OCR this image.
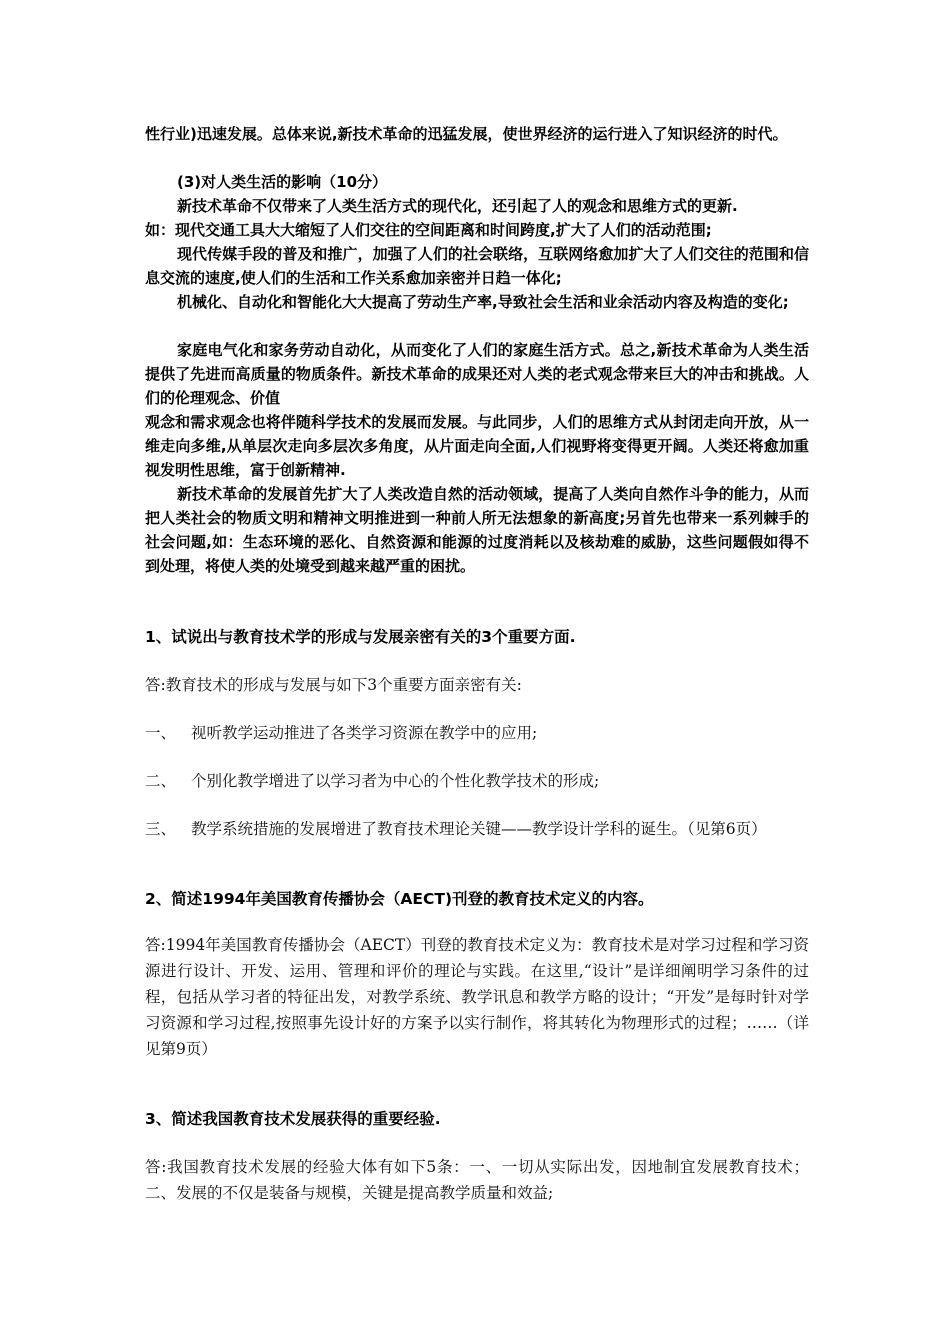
性行业)迅速发展。总体来说,新技术革命的迅猛发展，使世界经济的运行进入了知识经济的时代。

(3)对人类生活的影响（10分）

新技术革命不仅带来了人类生活方式的现代化，还引起了人的观念和思维方式的更新.

如：现代交通工具大大缩短了人们交往的空间距离和时间跨度,扩大了人们的活动范围;

现代传媒手段的普及和推广，加强了人们的社会联络，互联网络愈加扩大了人们交往的范围和信息交流的速度,使人们的生活和工作关系愈加亲密并日趋一体化;

机械化、自动化和智能化大大提高了劳动生产率,导致社会生活和业余活动内容及构造的变化;

家庭电气化和家务劳动自动化，从而变化了人们的家庭生活方式。总之,新技术革命为人类生活提供了先进而高质量的物质条件。新技术革命的成果还对人类的老式观念带来巨大的冲击和挑战。人们的伦理观念、价值

观念和需求观念也将伴随科学技术的发展而发展。与此同步，人们的思维方式从封闭走向开放，从一维走向多维,从单层次走向多层次多角度，从片面走向全面,人们视野将变得更开阔。人类还将愈加重视发明性思维，富于创新精神.

新技术革命的发展首先扩大了人类改造自然的活动领域，提高了人类向自然作斗争的能力，从而把人类社会的物质文明和精神文明推进到一种前人所无法想象的新高度;另首先也带来一系列棘手的社会问题,如：生态环境的恶化、自然资源和能源的过度消耗以及核劫难的威胁，这些问题假如得不到处理，将使人类的处境受到越来越严重的困扰。

1、试说出与教育技术学的形成与发展亲密有关的3个重要方面.

答:教育技术的形成与发展与如下3个重要方面亲密有关:

一、 视听教学运动推进了各类学习资源在教学中的应用;

二、 个别化教学增进了以学习者为中心的个性化教学技术的形成;

三、 教学系统措施的发展增进了教育技术理论关键——教学设计学科的诞生。（见第6页）

2、简述1994年美国教育传播协会（AECT)刊登的教育技术定义的内容。

答:1994年美国教育传播协会（AECT）刊登的教育技术定义为：教育技术是对学习过程和学习资源进行设计、开发、运用、管理和评价的理论与实践。在这里,“设计”是详细阐明学习条件的过程，包括从学习者的特征出发，对教学系统、教学讯息和教学方略的设计；“开发”是每时针对学习资源和学习过程,按照事先设计好的方案予以实行制作，将其转化为物理形式的过程；……（详见第9页）

3、简述我国教育技术发展获得的重要经验.

答:我国教育技术发展的经验大体有如下5条：一、一切从实际出发，因地制宜发展教育技术；二、发展的不仅是装备与规模，关键是提高教学质量和效益;
